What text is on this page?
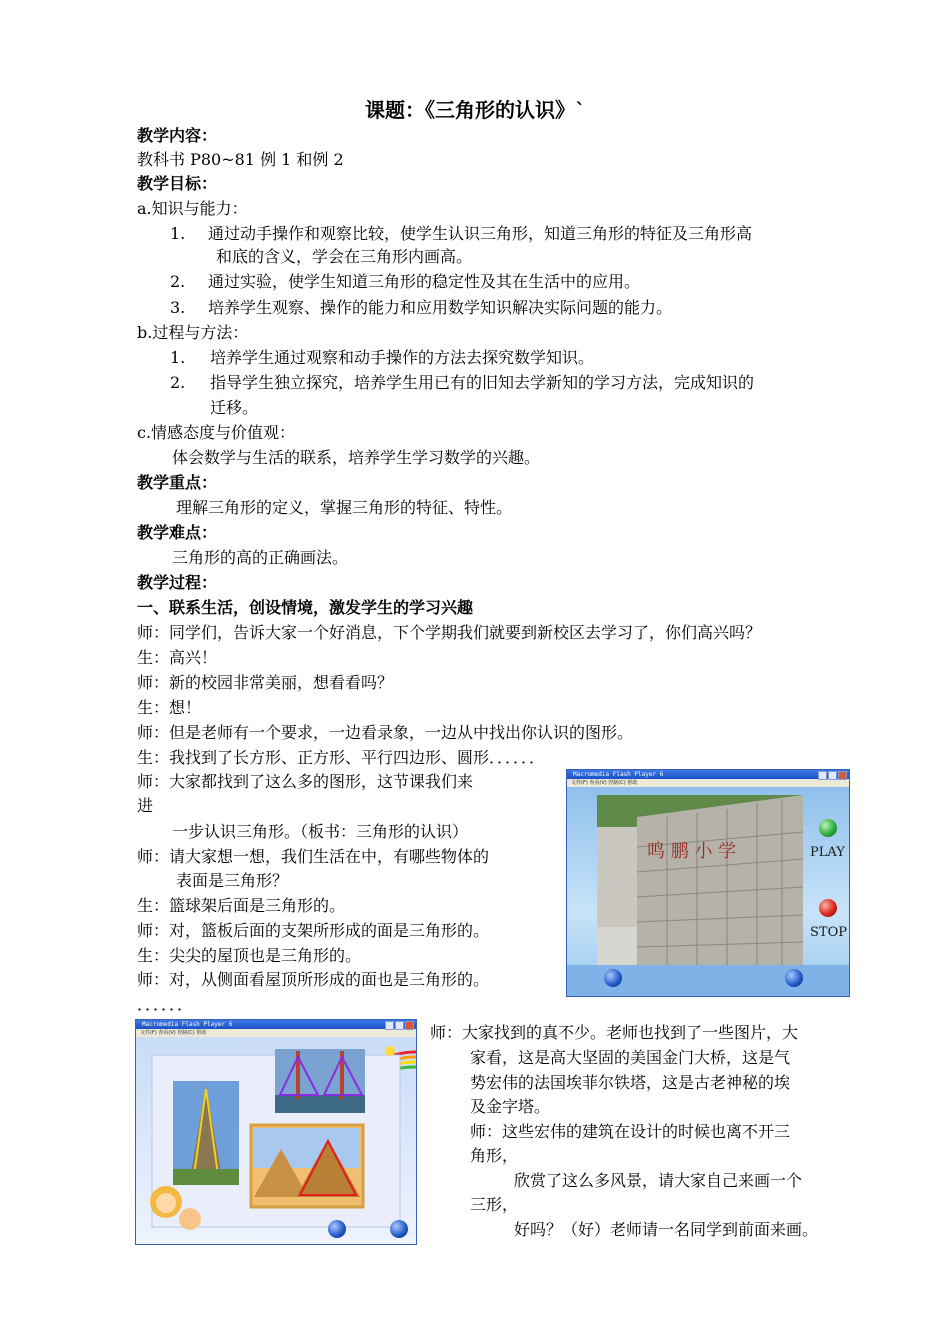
课题：《三角形的认识》`
教学内容：
教科书 P80~81 例 1 和例 2
教学目标：
a.知识与能力：
1. 通过动手操作和观察比较，使学生认识三角形，知道三角形的特征及三角形高
和底的含义，学会在三角形内画高。
2. 通过实验，使学生知道三角形的稳定性及其在生活中的应用。
3. 培养学生观察、操作的能力和应用数学知识解决实际问题的能力。
b.过程与方法：
1. 培养学生通过观察和动手操作的方法去探究数学知识。
2. 指导学生独立探究，培养学生用已有的旧知去学新知的学习方法，完成知识的
迁移。
c.情感态度与价值观：
体会数学与生活的联系，培养学生学习数学的兴趣。
教学重点：
理解三角形的定义，掌握三角形的特征、特性。
教学难点：
三角形的高的正确画法。
教学过程：
一、联系生活，创设情境，激发学生的学习兴趣
师：同学们，告诉大家一个好消息，下个学期我们就要到新校区去学习了，你们高兴吗？
生：高兴！
师：新的校园非常美丽，想看看吗？
生：想！
师：但是老师有一个要求，一边看录象，一边从中找出你认识的图形。
生：我找到了长方形、正方形、平行四边形、圆形．．．．．．
师：大家都找到了这么多的图形，这节课我们来
进
一步认识三角形。（板书：三角形的认识）
师：请大家想一想，我们生活在中，有哪些物体的
表面是三角形？
生：篮球架后面是三角形的。
师：对，篮板后面的支架所形成的面是三角形的。
生：尖尖的屋顶也是三角形的。
师：对，从侧面看屋顶所形成的面也是三角形的。
．．．．．．
师：大家找到的真不少。老师也找到了一些图片，大
家看，这是高大坚固的美国金门大桥，这是气
势宏伟的法国埃菲尔铁塔，这是古老神秘的埃
及金字塔。
师：这些宏伟的建筑在设计的时候也离不开三
角形，
欣赏了这么多风景，请大家自己来画一个
三形，
好吗？（好）老师请一名同学到前面来画。
Macromedia Flash Player 6
文件(F) 查看(V) 控制(C) 帮助
鸣 鹏 小 学	PLAY
STOP
Macromedia Flash Player 6
文件(F) 查看(V) 控制(C) 帮助
